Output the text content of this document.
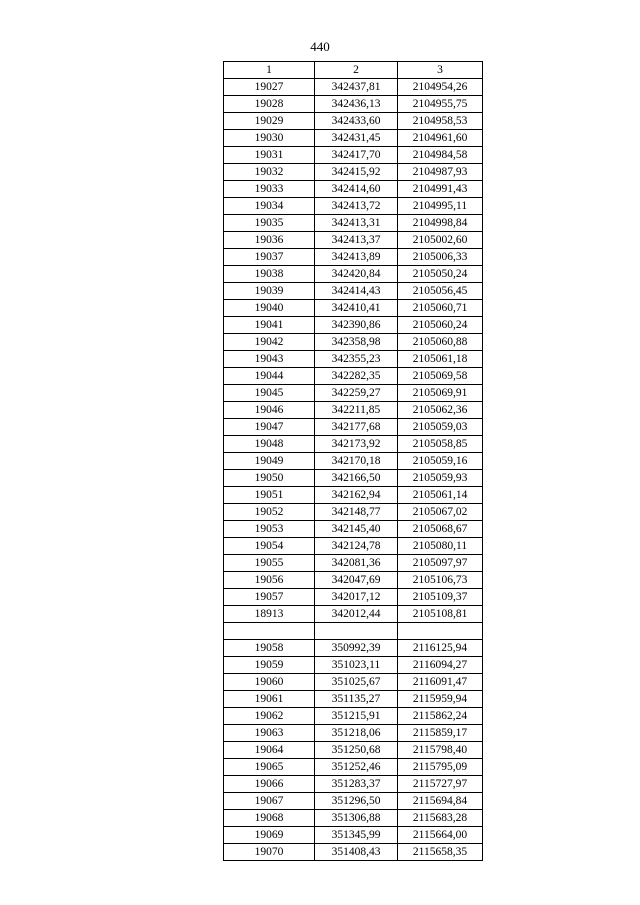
440
1	2	3
19027	342437,81	2104954,26
19028	342436,13	2104955,75
19029	342433,60	2104958,53
19030	342431,45	2104961,60
19031	342417,70	2104984,58
19032	342415,92	2104987,93
19033	342414,60	2104991,43
19034	342413,72	2104995,11
19035	342413,31	2104998,84
19036	342413,37	2105002,60
19037	342413,89	2105006,33
19038	342420,84	2105050,24
19039	342414,43	2105056,45
19040	342410,41	2105060,71
19041	342390,86	2105060,24
19042	342358,98	2105060,88
19043	342355,23	2105061,18
19044	342282,35	2105069,58
19045	342259,27	2105069,91
19046	342211,85	2105062,36
19047	342177,68	2105059,03
19048	342173,92	2105058,85
19049	342170,18	2105059,16
19050	342166,50	2105059,93
19051	342162,94	2105061,14
19052	342148,77	2105067,02
19053	342145,40	2105068,67
19054	342124,78	2105080,11
19055	342081,36	2105097,97
19056	342047,69	2105106,73
19057	342017,12	2105109,37
18913	342012,44	2105108,81

19058	350992,39	2116125,94
19059	351023,11	2116094,27
19060	351025,67	2116091,47
19061	351135,27	2115959,94
19062	351215,91	2115862,24
19063	351218,06	2115859,17
19064	351250,68	2115798,40
19065	351252,46	2115795,09
19066	351283,37	2115727,97
19067	351296,50	2115694,84
19068	351306,88	2115683,28
19069	351345,99	2115664,00
19070	351408,43	2115658,35
